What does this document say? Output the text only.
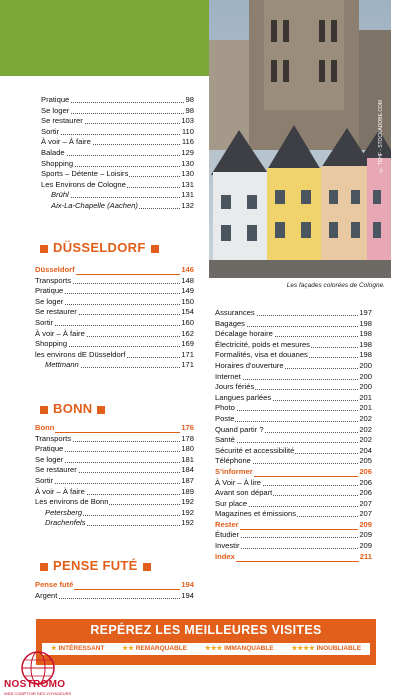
© TEHF - STOCKADOBE.COM
Les façades colorées de Cologne.
Pratique	98
Se loger	98
Se restaurer	103
Sortir	110
À voir – À faire	116
Balade	129
Shopping	130
Sports – Détente – Loisirs	130
Les Environs de Cologne	131
Brühl	131
Aix-La-Chapelle (Aachen)	132
DÜSSELDORF
Düsseldorf	146
Transports	148
Pratique	149
Se loger	150
Se restaurer	154
Sortir	160
À voir – À faire	162
Shopping	169
les environs dE Düsseldorf	171
Mettmann	171
BONN
Bonn	176
Transports	178
Pratique	180
Se loger	181
Se restaurer	184
Sortir	187
À voir – À faire	189
Les environs de Bonn	192
Petersberg	192
Drachenfels	192
PENSE FUTÉ
Pense futé	194
Argent	194
Assurances	197
Bagages	198
Décalage horaire	198
Électricité, poids et mesures	198
Formalités, visa et douanes	198
Horaires d'ouverture	200
Internet	200
Jours fériés	200
Langues parlées	201
Photo	201
Poste	202
Quand partir ?	202
Santé	202
Sécurité et accessibilité	204
Téléphone	205
S'informer	206
À Voir – À lire	206
Avant son départ	206
Sur place	207
Magazines et émissions	207
Rester	209
Étudier	209
Investir	209
Index	211
REPÉREZ LES MEILLEURES VISITES
★ INTÉRESSANT	★★ REMARQUABLE	★★★ IMMANQUABLE	★★★★ INOUBLIABLE
NOSTROMO
WEB COMPTOIR DES VOYAGEURS
